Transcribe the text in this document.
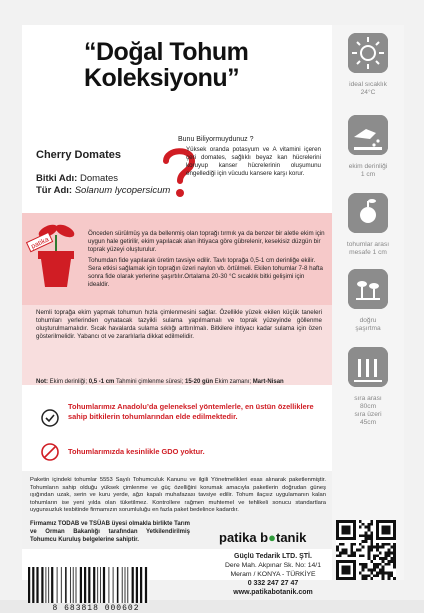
“Doğal Tohum Koleksiyonu”
Cherry Domates
Bitki Adı: Domates
Tür Adı: Solanum lycopersicum
Bunu Biliyormuydunuz ?
Yüksek oranda potasyum ve A vitamini içeren çeri domates, sağlıklı beyaz kan hücrelerini koruyup kanser hücrelerinin oluşumunu engellediği için vücudu kansere karşı korur.
patika

Önceden sürülmüş ya da bellenmiş olan toprağı tırmık ya da benzer bir aletle ekim için uygun hale getirilir, ekim yapılacak alan ihtiyaca göre gübrelenir, kesekisiz düzgün bir toprak yüzeyi oluşturulur.

Tohumdan fide yapılarak üretim tavsiye edilir. Tavlı toprağa 0,5-1 cm derinliğe ekilir. Sera etkisi sağlamak için toprağın üzeri naylon vb. örtülmeli. Ekilen tohumlar 7-8 hafta sonra fide olarak yerlerine şaşırtılır.Ortalama 20-30 °C sıcaklık bitki gelişimi için idealdir.

Nemli toprağa ekim yapmak tohumun hızla çimlenmesini sağlar. Özellikle yüzek ekilen küçük taneleri tohumları yerlerinden oynatacak tazyikli sulama yapılmamalı ve toprak yüzeyinde göllenme oluşturulmamalıdır. Sıcak havalarda sulama sıklığı arttırılmalı. Bitkilere ihtiyacı kadar sulama için özen gösterilmelidir. Yabancı ot ve zararlılarla dikkat edilmelidir.

Not: Ekim derinliği; 0,5 -1 cm Tahmini çimlenme süresi; 15-20 gün Ekim zamanı; Mart-Nisan
Tohumlarımız Anadolu’da geleneksel yöntemlerle, en üstün özelliklere sahip bitkilerin tohumlarından elde edilmektedir.
Tohumlarımızda kesinlikle GDO yoktur.

Paketin içindeki tohumlar 5553 Sayılı Tohumculuk Kanunu ve ilgili Yönetmelikleri esas alınarak paketlenmiştir. Tohumların sahip olduğu yüksek çimlenme ve güç özelliğini korumak amacıyla paketlerin doğrudan güneş ışığından uzak, serin ve kuru yerde, ağzı kapalı muhafazası tavsiye edilir. Tohum ilaçsız uygulamanın kalan tohumların ise yeni yılda olan tüketilmez. Kontrollere rağmen muhtemel ve tehlikeli sonucu standartlara uygunsuzluk tesbitinde firmamızın sorumluluğu en fazla paket bedelince kadardır.

Firmamız TODAB ve TSÜAB üyesi olmakla birlikte Tarım ve Orman Bakanlığı tarafından Yetkilendirilmiş Tohumcu Kuruluş belgelerine sahiptir.	patika b●tanik
Güçlü Tedarik LTD. ŞTİ.
Dere Mah. Akpınar Sk. No: 14/1
Meram / KONYA - TÜRKİYE
0 332 247 27 47
www.patikabotanik.com
8 683818 000602
ideal sıcaklık
24°C
ekim derinliği
1 cm
tohumlar arası
mesafe 1 cm
doğru
şaşırtma
sıra arası
80cm
sıra üzeri
45cm
